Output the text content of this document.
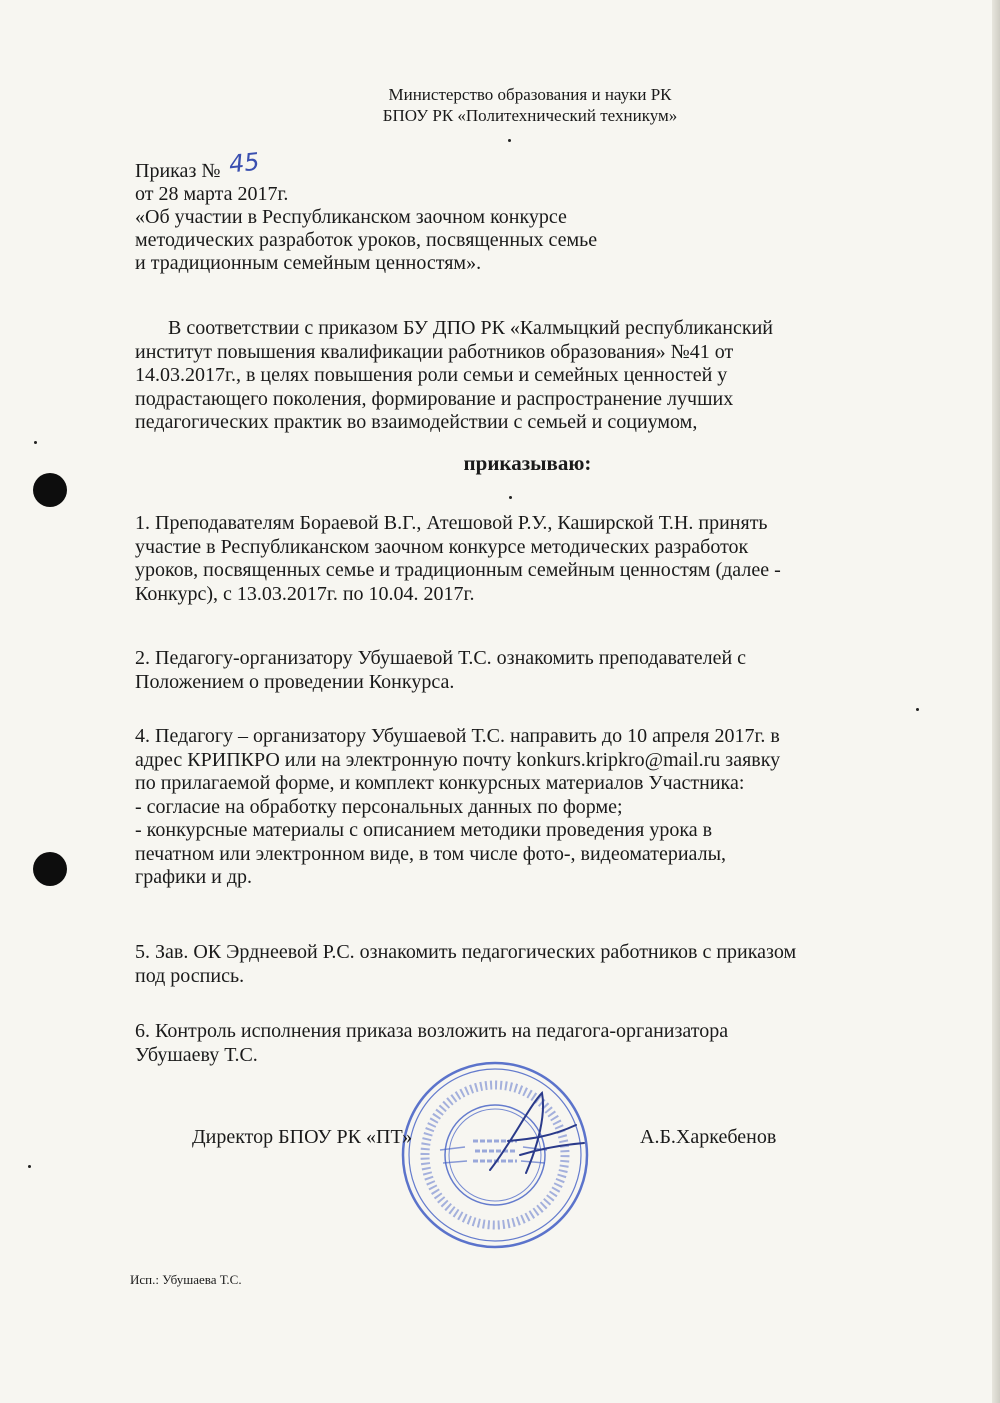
Министерство образования и науки РК
БПОУ РК «Политехнический техникум»
Приказ № 45
от 28 марта 2017г.
«Об участии в Республиканском заочном конкурсе
методических разработок уроков, посвященных семье
и традиционным семейным ценностям».
В соответствии с приказом БУ ДПО РК «Калмыцкий республиканский
институт повышения квалификации работников образования» №41 от
14.03.2017г., в целях повышения роли семьи и семейных ценностей у
подрастающего поколения, формирование и распространение лучших
педагогических практик во взаимодействии с семьей и социумом,
приказываю:
1. Преподавателям Бораевой В.Г., Атешовой Р.У., Каширской Т.Н. принять
участие в Республиканском заочном конкурсе методических разработок
уроков, посвященных семье и традиционным семейным ценностям (далее -
Конкурс), с 13.03.2017г. по 10.04. 2017г.
2. Педагогу-организатору Убушаевой Т.С. ознакомить преподавателей с
Положением о проведении Конкурса.
4. Педагогу – организатору Убушаевой Т.С. направить до 10 апреля 2017г. в
адрес КРИПКРО или на электронную почту konkurs.kripkro@mail.ru заявку
по прилагаемой форме, и комплект конкурсных материалов Участника:
- согласие на обработку персональных данных по форме;
- конкурсные материалы с описанием методики проведения урока в
печатном или электронном виде, в том числе фото-, видеоматериалы,
графики и др.
5. Зав. ОК Эрднеевой Р.С. ознакомить педагогических работников с приказом
под роспись.
6. Контроль исполнения приказа возложить на педагога-организатора
Убушаеву Т.С.
Директор БПОУ РК «ПТ»	А.Б.Харкебенов
Исп.: Убушаева Т.С.
